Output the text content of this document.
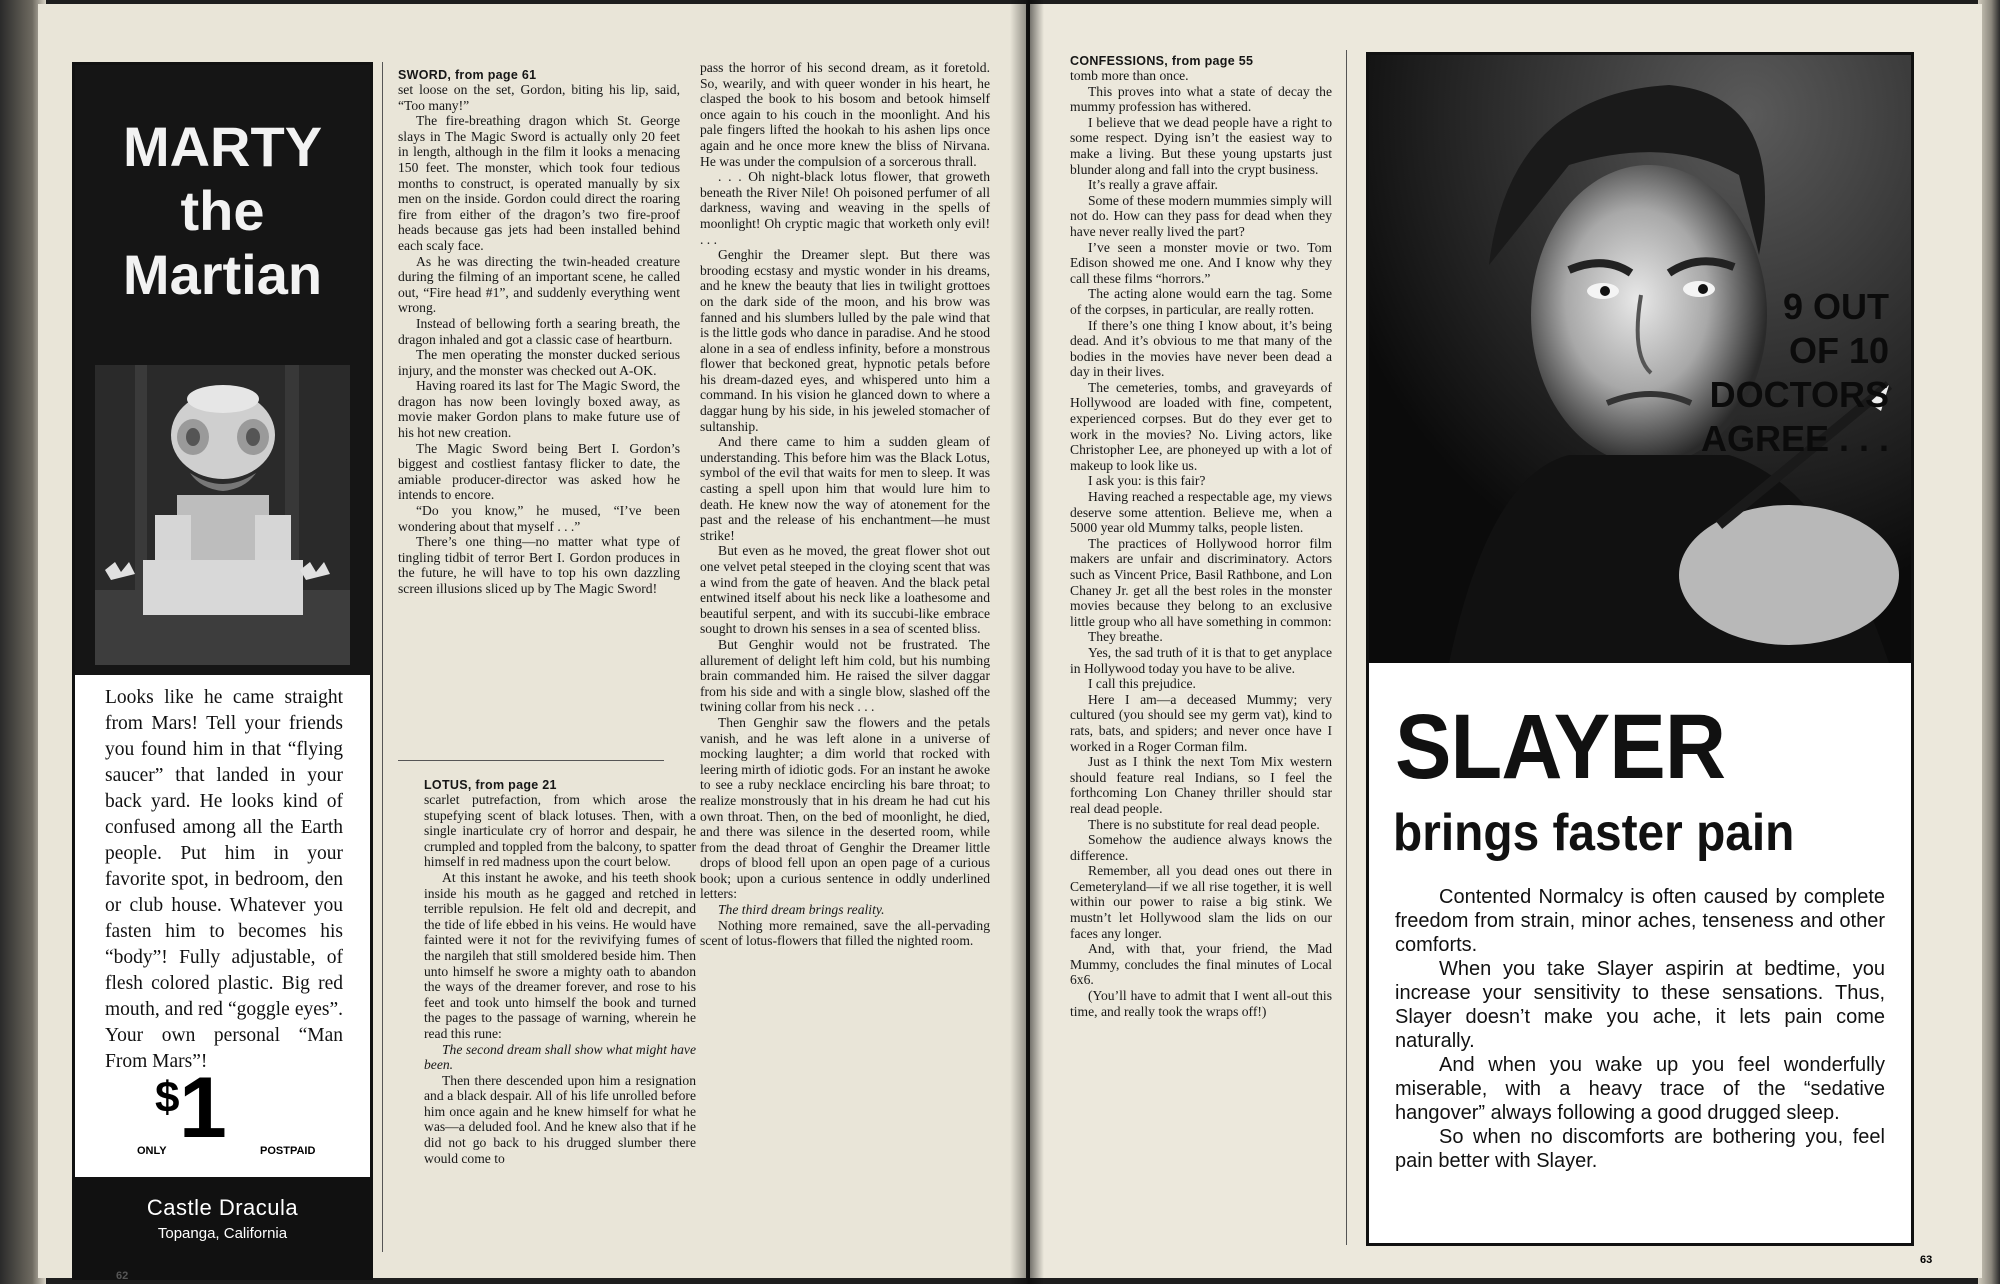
MARTY
the
Martian
Looks like he came straight from Mars! Tell your friends you found him in that “flying saucer” that landed in your back yard. He looks kind of confused among all the Earth people. Put him in your favorite spot, in bedroom, den or club house. Whatever you fasten him to becomes his “body”! Fully adjustable, of flesh colored plastic. Big red mouth, and red “goggle eyes”. Your own personal “Man From Mars”!
$ 1
ONLY	POSTPAID
Castle Dracula
Topanga, California

SWORD, from page 61

set loose on the set, Gordon, biting his lip, said, “Too many!”

The fire-breathing dragon which St. George slays in The Magic Sword is actually only 20 feet in length, although in the film it looks a menacing 150 feet. The monster, which took four tedious months to construct, is operated manually by six men on the inside. Gordon could direct the roaring fire from either of the dragon’s two fire-proof heads because gas jets had been installed behind each scaly face.

As he was directing the twin-headed creature during the filming of an important scene, he called out, “Fire head #1”, and suddenly everything went wrong.

Instead of bellowing forth a searing breath, the dragon inhaled and got a classic case of heartburn.

The men operating the monster ducked serious injury, and the monster was checked out A-OK.

Having roared its last for The Magic Sword, the dragon has now been lovingly boxed away, as movie maker Gordon plans to make future use of his hot new creation.

The Magic Sword being Bert I. Gordon’s biggest and costliest fantasy flicker to date, the amiable producer-director was asked how he intends to encore.

“Do you know,” he mused, “I’ve been wondering about that myself . . .”

There’s one thing—no matter what type of tingling tidbit of terror Bert I. Gordon produces in the future, he will have to top his own dazzling screen illusions sliced up by The Magic Sword!

LOTUS, from page 21

scarlet putrefaction, from which arose the stupefying scent of black lotuses. Then, with a single inarticulate cry of horror and despair, he crumpled and toppled from the balcony, to spatter himself in red madness upon the court below.

At this instant he awoke, and his teeth shook inside his mouth as he gagged and retched in terrible repulsion. He felt old and decrepit, and the tide of life ebbed in his veins. He would have fainted were it not for the revivifying fumes of the nargileh that still smoldered beside him. Then unto himself he swore a mighty oath to abandon the ways of the dreamer forever, and rose to his feet and took unto himself the book and turned the pages to the passage of warning, wherein he read this rune:

The second dream shall show what might have been.

Then there descended upon him a resignation and a black despair. All of his life unrolled before him once again and he knew himself for what he was—a deluded fool. And he knew also that if he did not go back to his drugged slumber there would come to

pass the horror of his second dream, as it foretold. So, wearily, and with queer wonder in his heart, he clasped the book to his bosom and betook himself once again to his couch in the moonlight. And his pale fingers lifted the hookah to his ashen lips once again and he once more knew the bliss of Nirvana. He was under the compulsion of a sorcerous thrall.

. . . Oh night-black lotus flower, that groweth beneath the River Nile! Oh poisoned perfumer of all darkness, waving and weaving in the spells of moonlight! Oh cryptic magic that worketh only evil! . . .

Genghir the Dreamer slept. But there was brooding ecstasy and mystic wonder in his dreams, and he knew the beauty that lies in twilight grottoes on the dark side of the moon, and his brow was fanned and his slumbers lulled by the pale wind that is the little gods who dance in paradise. And he stood alone in a sea of endless infinity, before a monstrous flower that beckoned great, hypnotic petals before his dream-dazed eyes, and whispered unto him a command. In his vision he glanced down to where a daggar hung by his side, in his jeweled stomacher of sultanship.

And there came to him a sudden gleam of understanding. This before him was the Black Lotus, symbol of the evil that waits for men to sleep. It was casting a spell upon him that would lure him to death. He knew now the way of atonement for the past and the release of his enchantment—he must strike!

But even as he moved, the great flower shot out one velvet petal steeped in the cloying scent that was a wind from the gate of heaven. And the black petal entwined itself about his neck like a loathesome and beautiful serpent, and with its succubi-like embrace sought to drown his senses in a sea of scented bliss.

But Genghir would not be frustrated. The allurement of delight left him cold, but his numbing brain commanded him. He raised the silver daggar from his side and with a single blow, slashed off the twining collar from his neck . . .

Then Genghir saw the flowers and the petals vanish, and he was left alone in a universe of mocking laughter; a dim world that rocked with leering mirth of idiotic gods. For an instant he awoke to see a ruby necklace encircling his bare throat; to realize monstrously that in his dream he had cut his own throat. Then, on the bed of moonlight, he died, and there was silence in the deserted room, while from the dead throat of Genghir the Dreamer little drops of blood fell upon an open page of a curious book; upon a curious sentence in oddly underlined letters:

The third dream brings reality.

Nothing more remained, save the all-pervading scent of lotus-flowers that filled the nighted room.

62

CONFESSIONS, from page 55

tomb more than once.

This proves into what a state of decay the mummy profession has withered.

I believe that we dead people have a right to some respect. Dying isn’t the easiest way to make a living. But these young upstarts just blunder along and fall into the crypt business.

It’s really a grave affair.

Some of these modern mummies simply will not do. How can they pass for dead when they have never really lived the part?

I’ve seen a monster movie or two. Tom Edison showed me one. And I know why they call these films “horrors.”

The acting alone would earn the tag. Some of the corpses, in particular, are really rotten.

If there’s one thing I know about, it’s being dead. And it’s obvious to me that many of the bodies in the movies have never been dead a day in their lives.

The cemeteries, tombs, and graveyards of Hollywood are loaded with fine, competent, experienced corpses. But do they ever get to work in the movies? No. Living actors, like Christopher Lee, are phoneyed up with a lot of makeup to look like us.

I ask you: is this fair?

Having reached a respectable age, my views deserve some attention. Believe me, when a 5000 year old Mummy talks, people listen.

The practices of Hollywood horror film makers are unfair and discriminatory. Actors such as Vincent Price, Basil Rathbone, and Lon Chaney Jr. get all the best roles in the monster movies because they belong to an exclusive little group who all have something in common:

They breathe.

Yes, the sad truth of it is that to get anyplace in Hollywood today you have to be alive.

I call this prejudice.

Here I am—a deceased Mummy; very cultured (you should see my germ vat), kind to rats, bats, and spiders; and never once have I worked in a Roger Corman film.

Just as I think the next Tom Mix western should feature real Indians, so I feel the forthcoming Lon Chaney thriller should star real dead people.

There is no substitute for real dead people.

Somehow the audience always knows the difference.

Remember, all you dead ones out there in Cemeteryland—if we all rise together, it is well within our power to raise a big stink. We mustn’t let Hollywood slam the lids on our faces any longer.

And, with that, your friend, the Mad Mummy, concludes the final minutes of Local 6x6.

(You’ll have to admit that I went all-out this time, and really took the wraps off!)

9 OUT
OF 10
DOCTORS
AGREE . . .
SLAYER
brings faster pain

Contented Normalcy is often caused by complete freedom from strain, minor aches, tenseness and other comforts.

When you take Slayer aspirin at bedtime, you increase your sensitivity to these sensations. Thus, Slayer doesn’t make you ache, it lets pain come naturally.

And when you wake up you feel wonderfully miserable, with a heavy trace of the “sedative hangover” always following a good drugged sleep.

So when no discomforts are bothering you, feel pain better with Slayer.

63
